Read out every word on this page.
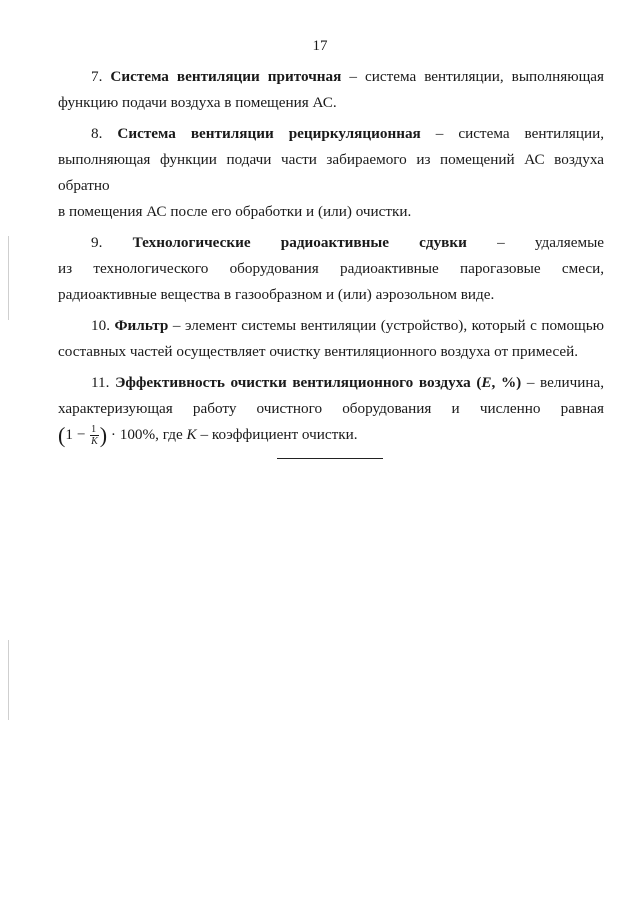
17

7. Система вентиляции приточная – система вентиляции, выполняющая
функцию подачи воздуха в помещения АС.

8. Система вентиляции рециркуляционная – система вентиляции,
выполняющая функции подачи части забираемого из помещений АС воздуха обратно
в помещения АС после его обработки и (или) очистки.

9. Технологические радиоактивные сдувки – удаляемые
из технологического оборудования радиоактивные парогазовые смеси,
радиоактивные вещества в газообразном и (или) аэрозольном виде.

10. Фильтр – элемент системы вентиляции (устройство), который с помощью
составных частей осуществляет очистку вентиляционного воздуха от примесей.

11. Эффективность очистки вентиляционного воздуха (E, %) – величина,
характеризующая работу очистного оборудования и численно равная
($1 - \frac{1}{K}$ ) · 100%, где K – коэффициент очистки.
